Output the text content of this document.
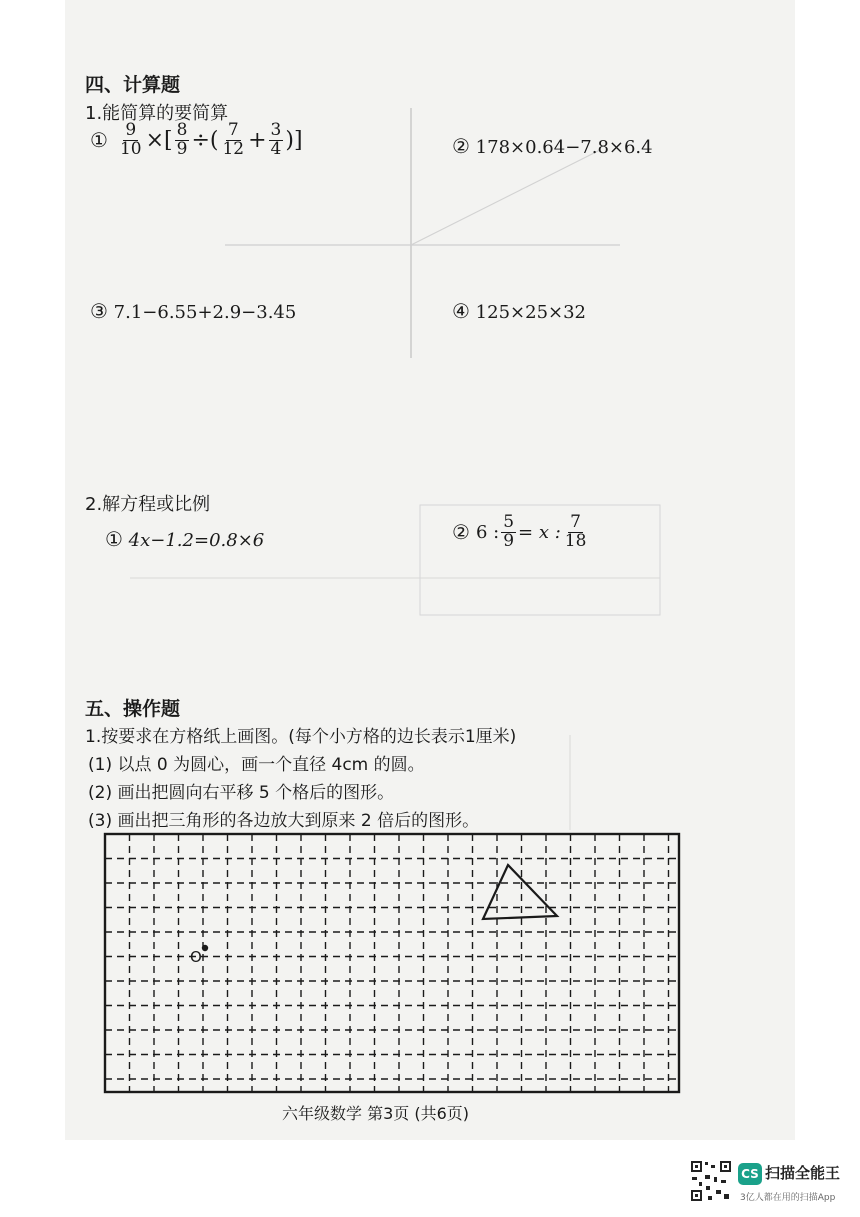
四、计算题
1.能简算的要简算
① $\frac{9}{10}$ ×[ $\frac{8}{9}$ ÷( $\frac{7}{12} + \frac{3}{4}$ )]	② 178×0.64−7.8×6.4
③ 7.1−6.55+2.9−3.45	④ 125×25×32
2.解方程或比例
① 4x−1.2=0.8×6	② 6 : $\frac{5}{9} = x$ : $\frac{7}{18}$
五、操作题
1.按要求在方格纸上画图。(每个小方格的边长表示1厘米)
(1) 以点 0 为圆心，画一个直径 4cm 的圆。
(2) 画出把圆向右平移 5 个格后的图形。
(3) 画出把三角形的各边放大到原来 2 倍后的图形。
O
六年级数学 第3页 (共6页)
CS 扫描全能王
3亿人都在用的扫描App
